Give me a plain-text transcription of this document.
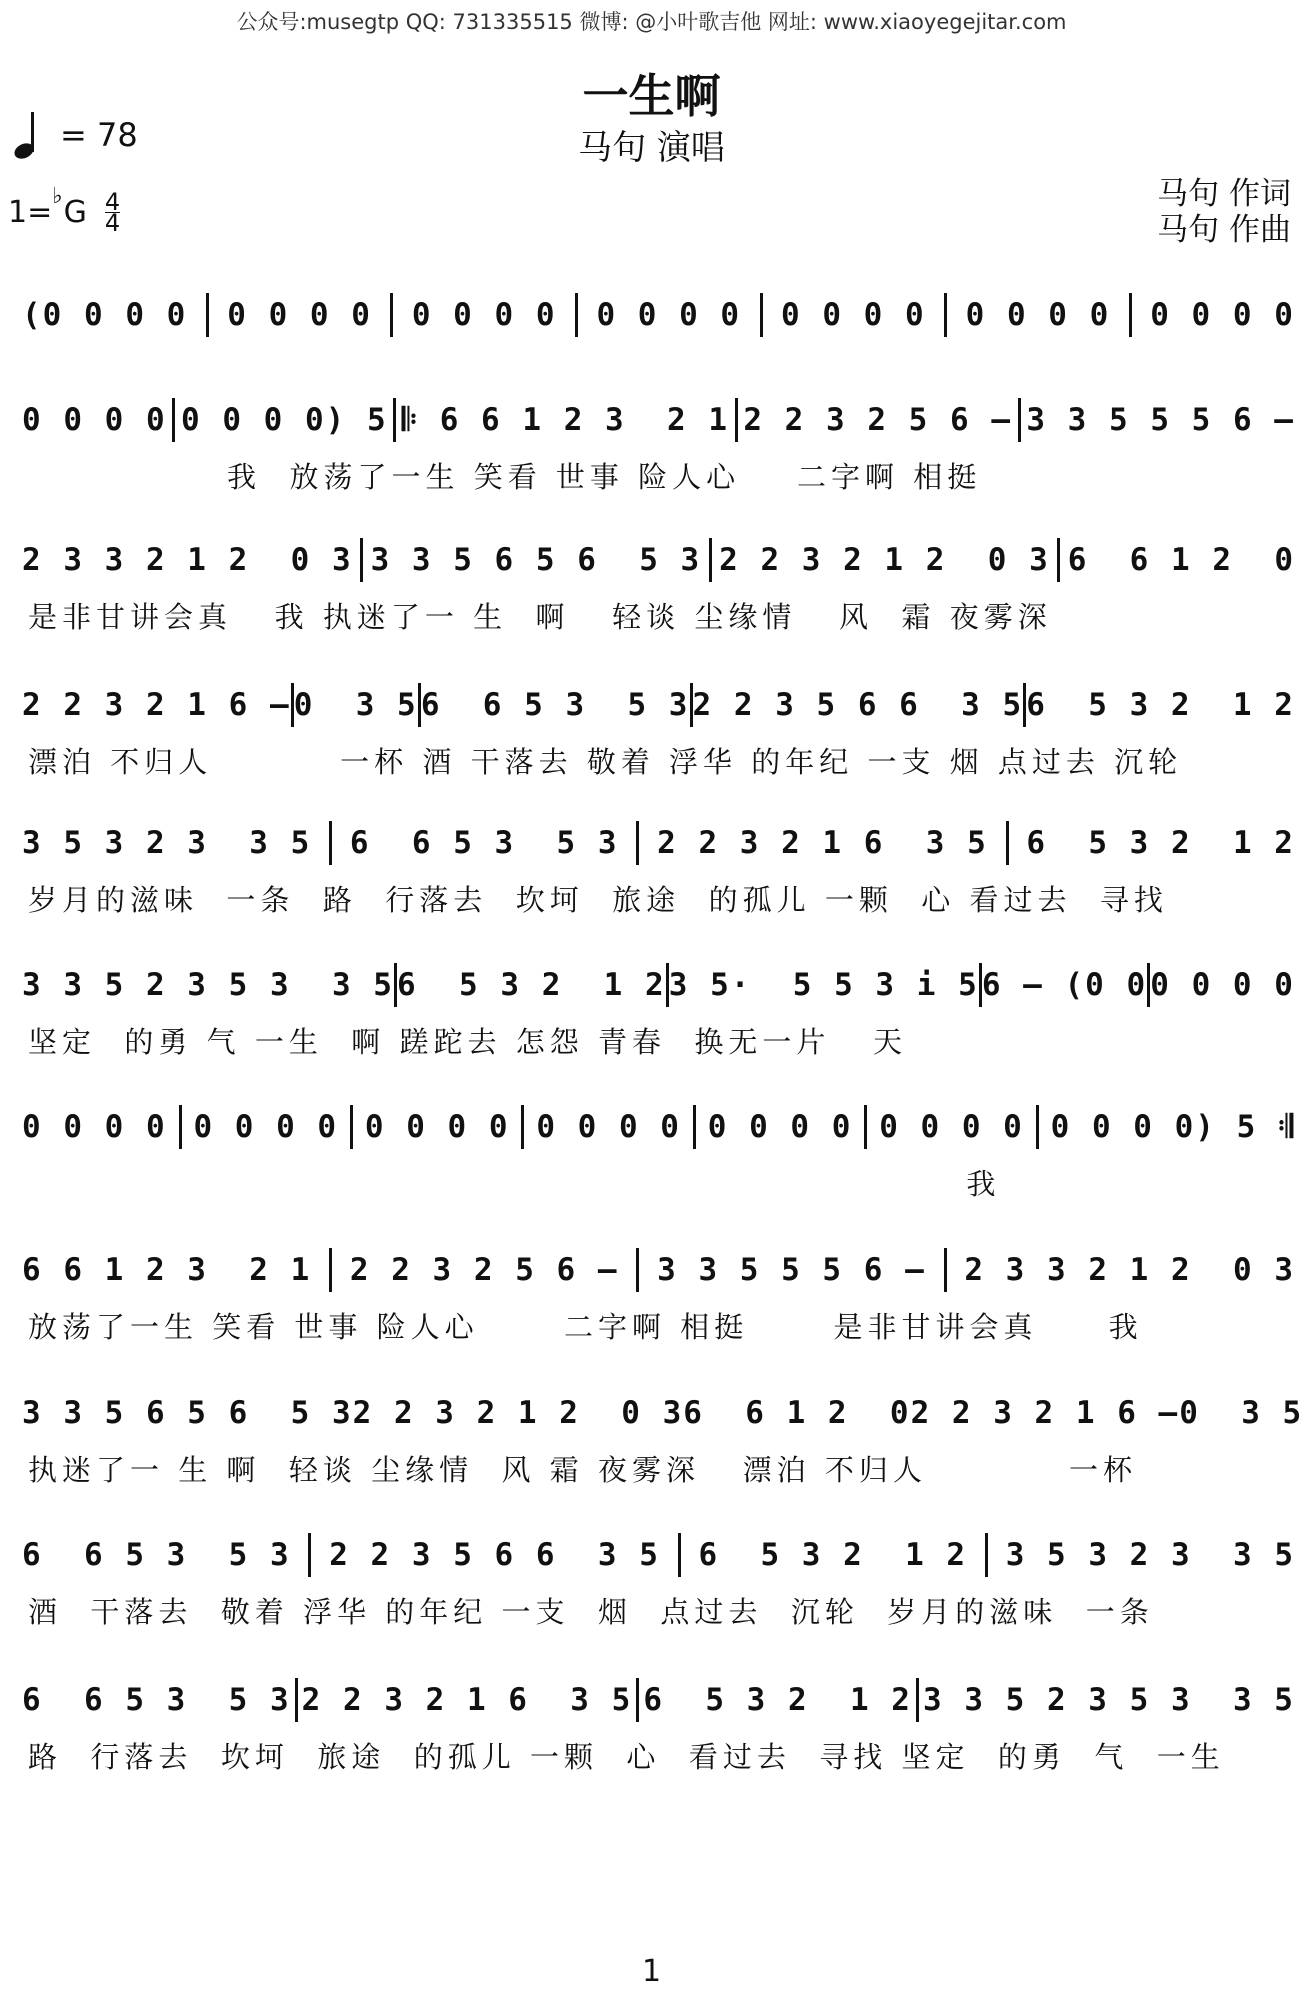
公众号:musegtp QQ: 731335515 微博: @小叶歌吉他 网址: www.xiaoyegejitar.com
一生啊
马句 演唱
= 78
1= ♭ G 4
4
马句 作词
马句 作曲
(0 0 0 0 0 0 0 0 0 0 0 0 0 0 0 0 0 0 0 0 0 0 0 0 0 0 0 0
0 0 0 0 0 0 0 0) 5 𝄆 6 6 1 2 3  2 1 2 2 3 2 5 6 — 3 3 5 5 5 6 —
我  放荡了一生 笑看 世事 险人心    二字啊 相挺
2 3 3 2 1 2  0 3 3 3 5 6 5 6  5 3 2 2 3 2 1 2  0 3 6  6 1 2  0
是非甘讲会真   我 执迷了一 生  啊   轻谈 尘缘情   风  霜 夜雾深
2 2 3 2 1 6 — 0  3 5 6  6 5 3  5 3 2 2 3 5 6 6  3 5 6  5 3 2  1 2
漂泊 不归人         一杯 酒 干落去 敬着 浮华 的年纪 一支 烟 点过去 沉轮
3 5 3 2 3  3 5 6  6 5 3  5 3 2 2 3 2 1 6  3 5 6  5 3 2  1 2
岁月的滋味  一条  路  行落去  坎坷  旅途  的孤儿 一颗  心 看过去  寻找
3 3 5 2 3 5 3  3 5 6  5 3 2  1 2 3 5·  5 5 3 i 5 6 — (0 0 0 0 0 0
坚定  的勇 气 一生  啊 蹉跎去 怎怨 青春  换无一片   天
0 0 0 0 0 0 0 0 0 0 0 0 0 0 0 0 0 0 0 0 0 0 0 0 0 0 0 0) 5 𝄇
我
6 6 1 2 3  2 1 2 2 3 2 5 6 — 3 3 5 5 5 6 — 2 3 3 2 1 2  0 3
放荡了一生 笑看 世事 险人心      二字啊 相挺      是非甘讲会真     我
3 3 5 6 5 6  5 3 2 2 3 2 1 2  0 3 6  6 1 2  0 2 2 3 2 1 6 — 0  3 5
执迷了一 生 啊  轻谈 尘缘情  风 霜 夜雾深   漂泊 不归人          一杯
6  6 5 3  5 3 2 2 3 5 6 6  3 5 6  5 3 2  1 2 3 5 3 2 3  3 5
酒  干落去  敬着 浮华 的年纪 一支  烟  点过去  沉轮  岁月的滋味  一条
6  6 5 3  5 3 2 2 3 2 1 6  3 5 6  5 3 2  1 2 3 3 5 2 3 5 3  3 5
路  行落去  坎坷  旅途  的孤儿 一颗  心  看过去  寻找 坚定  的勇  气  一生
1
